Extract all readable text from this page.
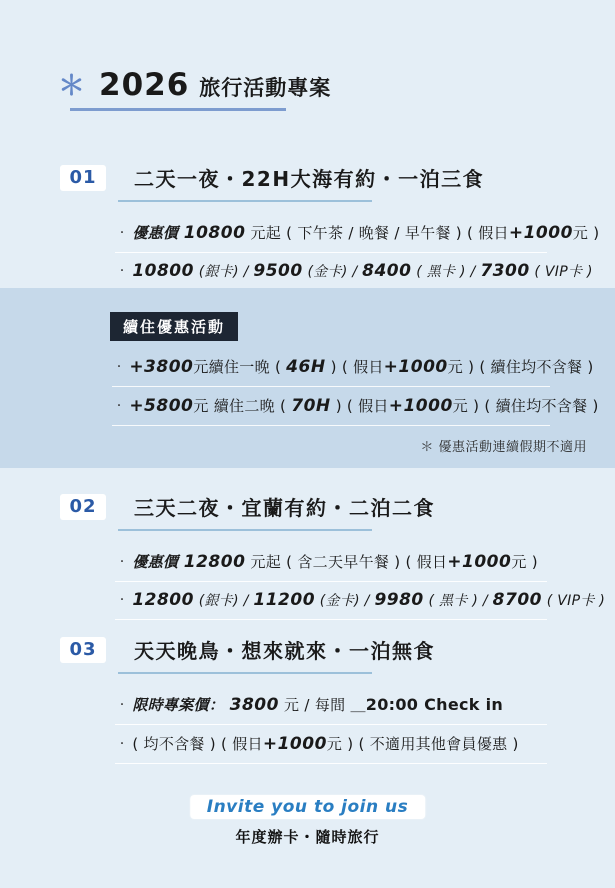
＊ 2026 旅行活動專案
01	二天一夜・22H大海有約・一泊三食
・ 優惠價 10800 元起 ( 下午茶 / 晚餐 / 早午餐 ) ( 假日+1000元 )
・ 10800 (銀卡) / 9500 (金卡) / 8400 ( 黑卡 ) / 7300 ( VIP卡 )
續住優惠活動
・ +3800元續住一晚 ( 46H ) ( 假日+1000元 ) ( 續住均不含餐 )
・ +5800元 續住二晚 ( 70H ) ( 假日+1000元 ) ( 續住均不含餐 )
＊ 優惠活動連續假期不適用
02	三天二夜・宜蘭有約・二泊二食
・ 優惠價 12800 元起 ( 含二天早午餐 ) ( 假日+1000元 )
・ 12800 (銀卡) / 11200 (金卡) / 9980 ( 黑卡 ) / 8700 ( VIP卡 )
03	天天晚鳥・想來就來・一泊無食
・ 限時專案價： 3800 元 / 每間 ＿20:00 Check in
・ ( 均不含餐 ) ( 假日+1000元 ) ( 不適用其他會員優惠 )
Invite you to join us
年度辦卡・隨時旅行
